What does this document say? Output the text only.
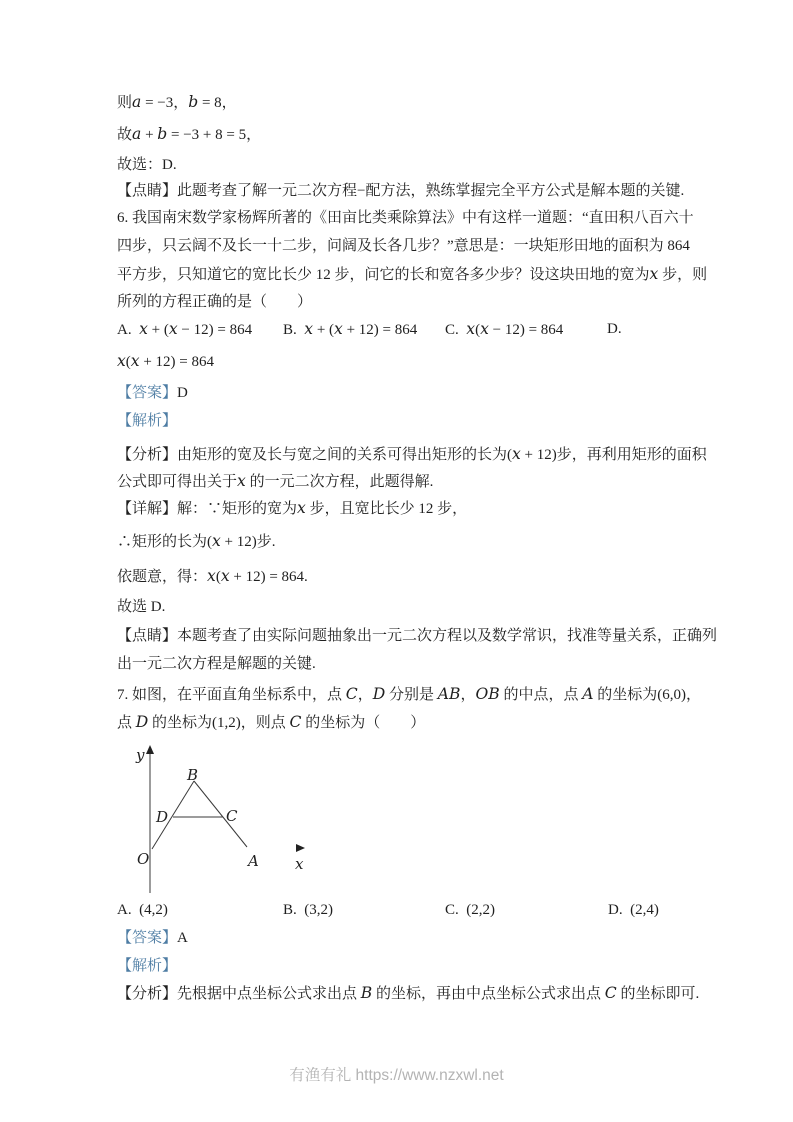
则a = −3，b = 8，
故a + b = −3 + 8 = 5，
故选：D.
【点睛】此题考查了解一元二次方程−配方法，熟练掌握完全平方公式是解本题的关键.
6. 我国南宋数学家杨辉所著的《田亩比类乘除算法》中有这样一道题：“直田积八百六十
四步，只云阔不及长一十二步，问阔及长各几步？”意思是：一块矩形田地的面积为 864
平方步，只知道它的宽比长少 12 步，问它的长和宽各多少步？设这块田地的宽为x 步，则
所列的方程正确的是（　　）
A. x + (x − 12) = 864 B. x + (x + 12) = 864 C. x(x − 12) = 864	D.
x(x + 12) = 864
【答案】D
【解析】
【分析】由矩形的宽及长与宽之间的关系可得出矩形的长为(x + 12)步，再利用矩形的面积
公式即可得出关于x 的一元二次方程，此题得解.
【详解】解：∵矩形的宽为x 步，且宽比长少 12 步，
∴矩形的长为(x + 12)步.
依题意，得：x(x + 12) = 864.
故选 D.
【点睛】本题考查了由实际问题抽象出一元二次方程以及数学常识，找准等量关系，正确列
出一元二次方程是解题的关键.
7. 如图，在平面直角坐标系中，点 C，D 分别是 AB，OB 的中点，点 A 的坐标为(6,0)，
点 D 的坐标为(1,2)，则点 C 的坐标为（　　）
y
B
D	C
O	A x
A. (4,2)	B. (3,2)	C. (2,2)	D. (2,4)
【答案】A
【解析】
【分析】先根据中点坐标公式求出点 B 的坐标，再由中点坐标公式求出点 C 的坐标即可.
有渔有礼 https://www.nzxwl.net
